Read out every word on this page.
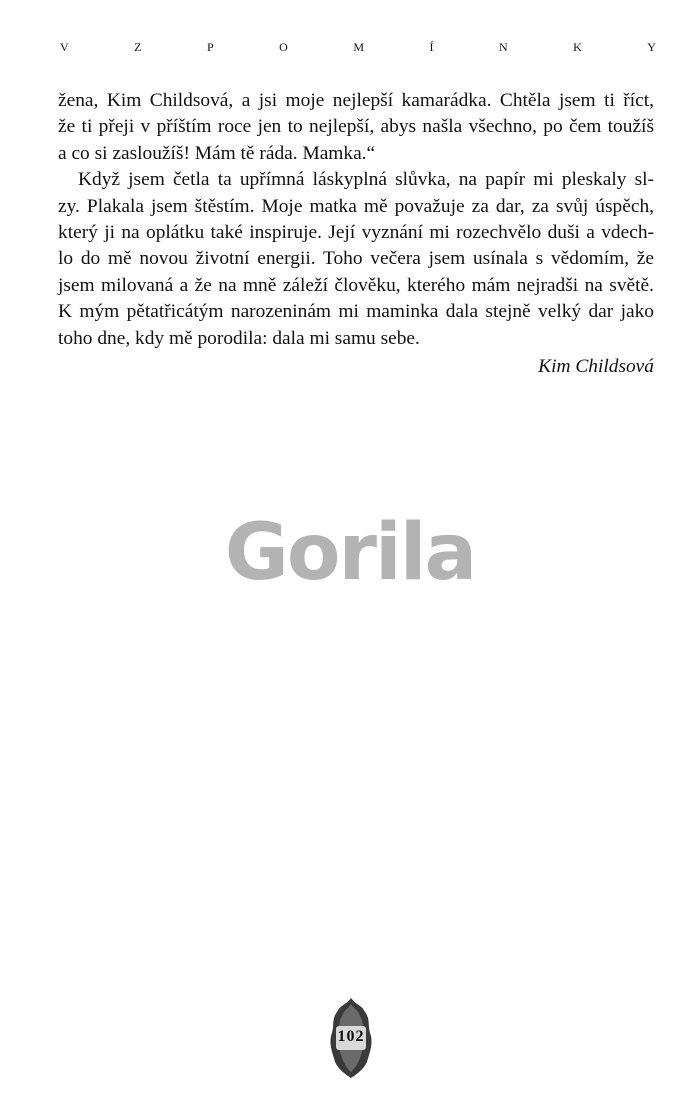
V	Z	P	O	M	Í	N	K	Y
žena, Kim Childsová, a jsi moje nejlepší kamarádka. Chtěla jsem ti říct,
že ti přeji v příštím roce jen to nejlepší, abys našla všechno, po čem toužíš
a co si zasloužíš! Mám tě ráda. Mamka.“
Když jsem četla ta upřímná láskyplná slůvka, na papír mi pleskaly sl-
zy. Plakala jsem štěstím. Moje matka mě považuje za dar, za svůj úspěch,
který ji na oplátku také inspiruje. Její vyznání mi rozechvělo duši a vdech-
lo do mě novou životní energii. Toho večera jsem usínala s vědomím, že
jsem milovaná a že na mně záleží člověku, kterého mám nejradši na světě.
K mým pětatřicátým narozeninám mi maminka dala stejně velký dar jako
toho dne, kdy mě porodila: dala mi samu sebe.
Kim Childsová
Gorila
102
